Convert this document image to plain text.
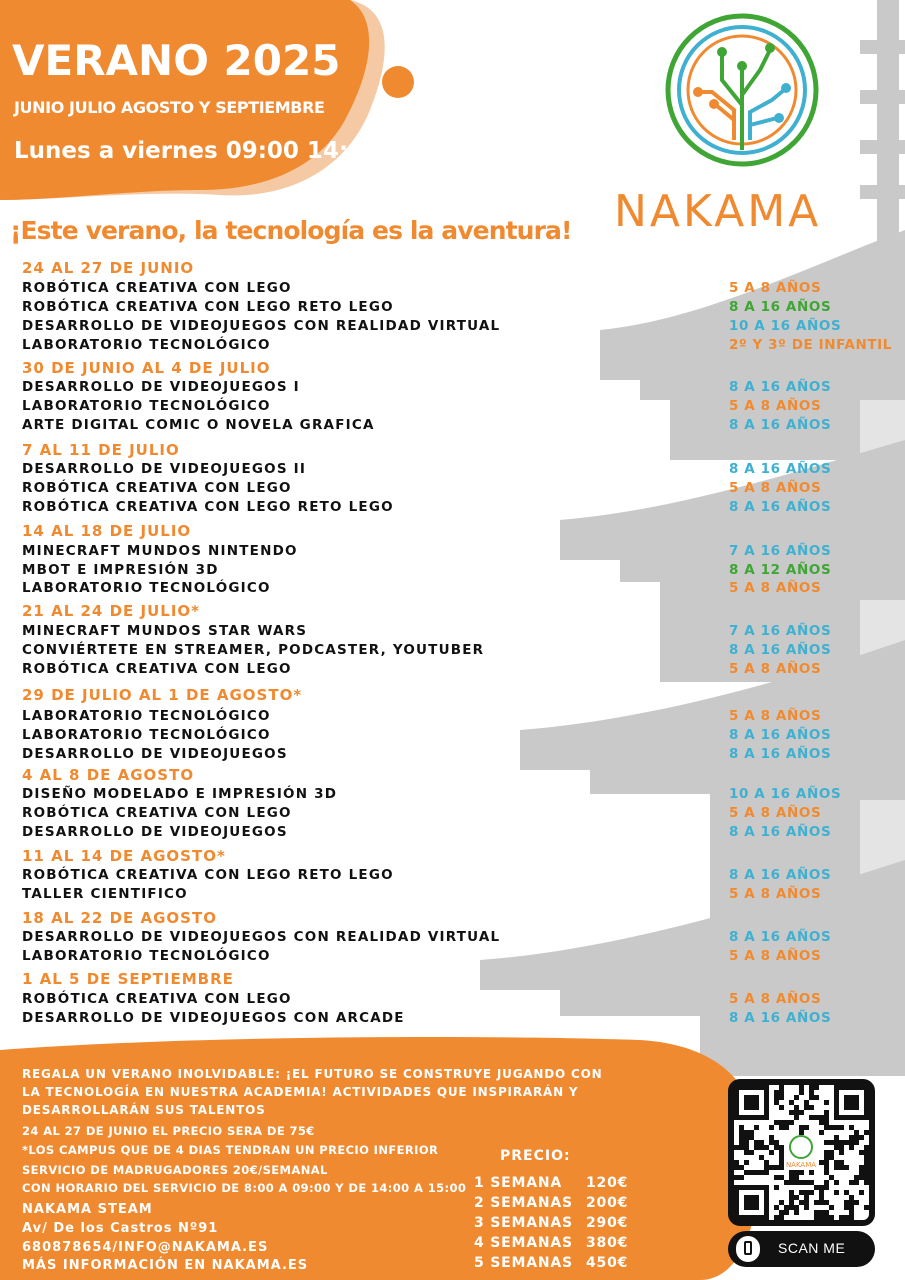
VERANO 2025
JUNIO JULIO AGOSTO Y SEPTIEMBRE
Lunes a viernes 09:00 14:00
NAKAMA
¡Este verano, la tecnología es la aventura!
24 AL 27 DE JUNIO
ROBÓTICA CREATIVA CON LEGO	5 A 8 AÑOS
ROBÓTICA CREATIVA CON LEGO RETO LEGO	8 A 16 AÑOS
DESARROLLO DE VIDEOJUEGOS CON REALIDAD VIRTUAL	10 A 16 AÑOS
LABORATORIO TECNOLÓGICO	2º Y 3º DE INFANTIL
30 DE JUNIO AL 4 DE JULIO
DESARROLLO DE VIDEOJUEGOS I	8 A 16 AÑOS
LABORATORIO TECNOLÓGICO	5 A 8 AÑOS
ARTE DIGITAL COMIC O NOVELA GRAFICA	8 A 16 AÑOS
7 AL 11 DE JULIO
DESARROLLO DE VIDEOJUEGOS II	8 A 16 AÑOS
ROBÓTICA CREATIVA CON LEGO	5 A 8 AÑOS
ROBÓTICA CREATIVA CON LEGO RETO LEGO	8 A 16 AÑOS
14 AL 18 DE JULIO
MINECRAFT MUNDOS NINTENDO	7 A 16 AÑOS
MBOT E IMPRESIÓN 3D	8 A 12 AÑOS
LABORATORIO TECNOLÓGICO	5 A 8 AÑOS
21 AL 24 DE JULIO*
MINECRAFT MUNDOS STAR WARS	7 A 16 AÑOS
CONVIÉRTETE EN STREAMER, PODCASTER, YOUTUBER	8 A 16 AÑOS
ROBÓTICA CREATIVA CON LEGO	5 A 8 AÑOS
29 DE JULIO AL 1 DE AGOSTO*
LABORATORIO TECNOLÓGICO	5 A 8 AÑOS
LABORATORIO TECNOLÓGICO	8 A 16 AÑOS
DESARROLLO DE VIDEOJUEGOS	8 A 16 AÑOS
4 AL 8 DE AGOSTO
DISEÑO MODELADO E IMPRESIÓN 3D	10 A 16 AÑOS
ROBÓTICA CREATIVA CON LEGO	5 A 8 AÑOS
DESARROLLO DE VIDEOJUEGOS	8 A 16 AÑOS
11 AL 14 DE AGOSTO*
ROBÓTICA CREATIVA CON LEGO RETO LEGO	8 A 16 AÑOS
TALLER CIENTIFICO	5 A 8 AÑOS
18 AL 22 DE AGOSTO
DESARROLLO DE VIDEOJUEGOS CON REALIDAD VIRTUAL	8 A 16 AÑOS
LABORATORIO TECNOLÓGICO	5 A 8 AÑOS
1 AL 5 DE SEPTIEMBRE
ROBÓTICA CREATIVA CON LEGO	5 A 8 AÑOS
DESARROLLO DE VIDEOJUEGOS CON ARCADE	8 A 16 AÑOS
REGALA UN VERANO INOLVIDABLE: ¡EL FUTURO SE CONSTRUYE JUGANDO CON
LA TECNOLOGÍA EN NUESTRA ACADEMIA! ACTIVIDADES QUE INSPIRARÁN Y
DESARROLLARÁN SUS TALENTOS
24 AL 27 DE JUNIO EL PRECIO SERA DE 75€
*LOS CAMPUS QUE DE 4 DIAS TENDRAN UN PRECIO INFERIOR
SERVICIO DE MADRUGADORES 20€/SEMANAL
CON HORARIO DEL SERVICIO DE 8:00 A 09:00 Y DE 14:00 A 15:00
NAKAMA STEAM
Av/ De los Castros Nº91
680878654/INFO@NAKAMA.ES
MÁS INFORMACIÓN EN NAKAMA.ES
PRECIO:
1 SEMANA 120€
2 SEMANAS 200€
3 SEMANAS 290€
4 SEMANAS 380€
5 SEMANAS 450€
NAKAMA
SCAN ME
